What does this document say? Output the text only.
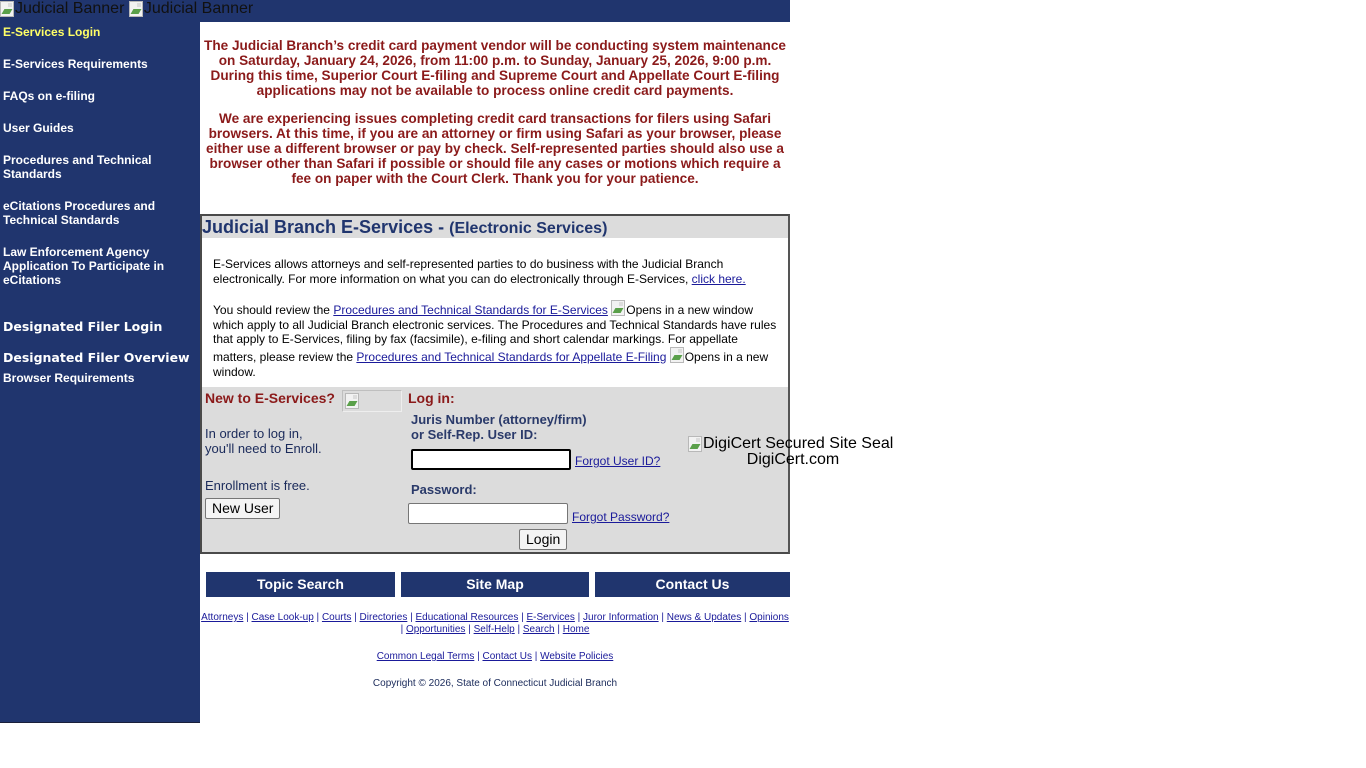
Judicial Banner
Judicial Banner
E-Services Login
E-Services Requirements
FAQs on e-filing
User Guides
Procedures and Technical Standards
eCitations Procedures and Technical Standards
Law Enforcement Agency Application To Participate in eCitations
Designated Filer Login
Designated Filer Overview
Browser Requirements

The Judicial Branch’s credit card payment vendor will be conducting system maintenance on Saturday, January 24, 2026, from 11:00 p.m. to Sunday, January 25, 2026, 9:00 p.m. During this time, Superior Court E-filing and Supreme Court and Appellate Court E-filing applications may not be available to process online credit card payments.

We are experiencing issues completing credit card transactions for filers using Safari browsers. At this time, if you are an attorney or firm using Safari as your browser, please either use a different browser or pay by check. Self-represented parties should also use a browser other than Safari if possible or should file any cases or motions which require a fee on paper with the Court Clerk. Thank you for your patience.

Judicial Branch E-Services - (Electronic Services)

E-Services allows attorneys and self-represented parties to do business with the Judicial Branch electronically. For more information on what you can do electronically through E-Services, click here.

You should review the Procedures and Technical Standards for E-Services Opens in a new window which apply to all Judicial Branch electronic services. The Procedures and Technical Standards have rules that apply to E-Services, filing by fax (facsimile), e-filing and short calendar markings. For appellate matters, please review the Procedures and Technical Standards for Appellate E-Filing Opens in a new window.

New to E-Services?
In order to log in,
you'll need to Enroll.
Enrollment is free.
New User
Log in:
Juris Number (attorney/firm)
or Self-Rep. User ID:
Forgot User ID?
Password:
Forgot Password?
Login
DigiCert Secured Site Seal
DigiCert.com
Topic Search	Site Map	Contact Us
Attorneys | Case Look-up | Courts | Directories | Educational Resources | E-Services | Juror Information | News & Updates | Opinions
| Opportunities | Self-Help | Search | Home
Common Legal Terms | Contact Us | Website Policies
Copyright © 2026, State of Connecticut Judicial Branch
